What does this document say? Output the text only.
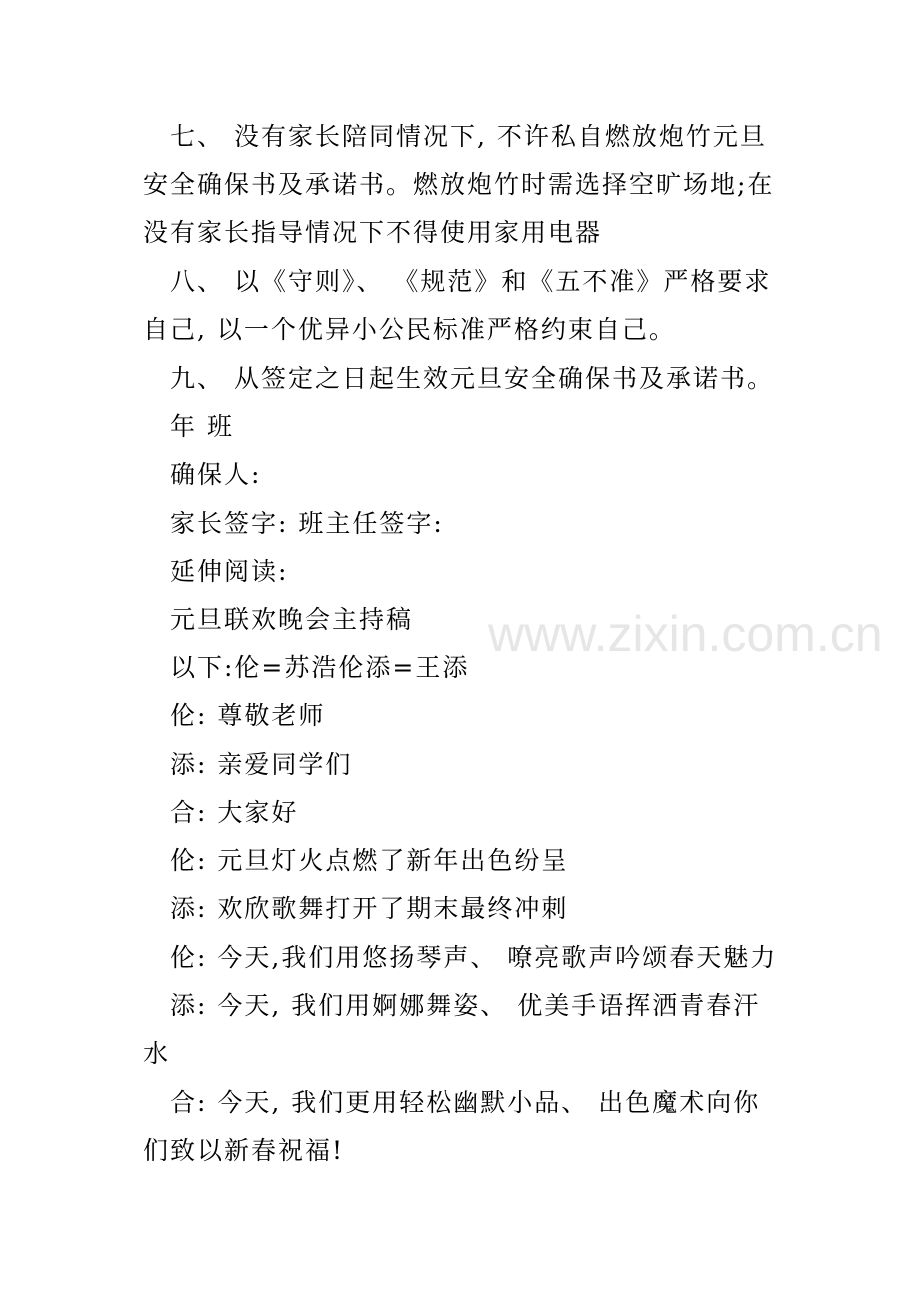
七、 没有家长陪同情况下, 不许私自燃放炮竹元旦
安全确保书及承诺书。燃放炮竹时需选择空旷场地;在
没有家长指导情况下不得使用家用电器
八、 以《守则》、 《规范》和《五不准》严格要求
自己, 以一个优异小公民标准严格约束自己。
九、 从签定之日起生效元旦安全确保书及承诺书。
年 班
确保人:
家长签字: 班主任签字:
延伸阅读:
元旦联欢晚会主持稿
以下:伦=苏浩伦添=王添
伦: 尊敬老师
添: 亲爱同学们
合: 大家好
伦: 元旦灯火点燃了新年出色纷呈
添: 欢欣歌舞打开了期末最终冲刺
伦: 今天,我们用悠扬琴声、 嘹亮歌声吟颂春天魅力
添: 今天, 我们用婀娜舞姿、 优美手语挥洒青春汗
水
合: 今天, 我们更用轻松幽默小品、 出色魔术向你
们致以新春祝福!
www.zixin.com.cn
